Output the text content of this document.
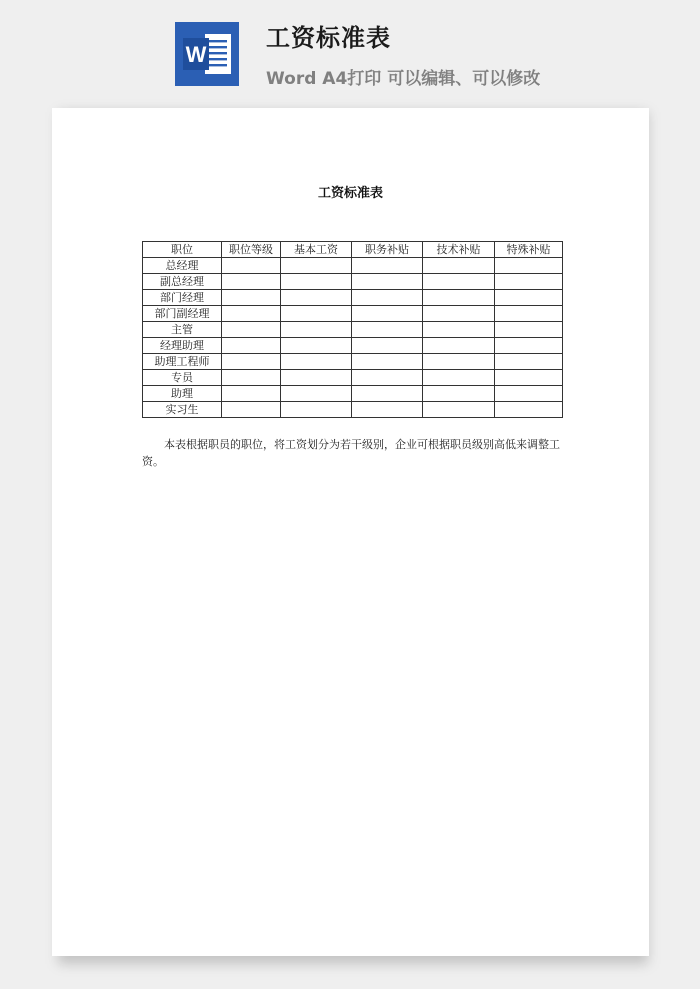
W
工资标准表
Word A4打印 可以编辑、可以修改
工资标准表
职位	职位等级	基本工资	职务补贴	技术补贴	特殊补贴
总经理					
副总经理					
部门经理					
部门副经理					
主管					
经理助理					
助理工程师					
专员					
助理					
实习生					
本表根据职员的职位，将工资划分为若干级别，企业可根据职员级别高低来调整工资。
